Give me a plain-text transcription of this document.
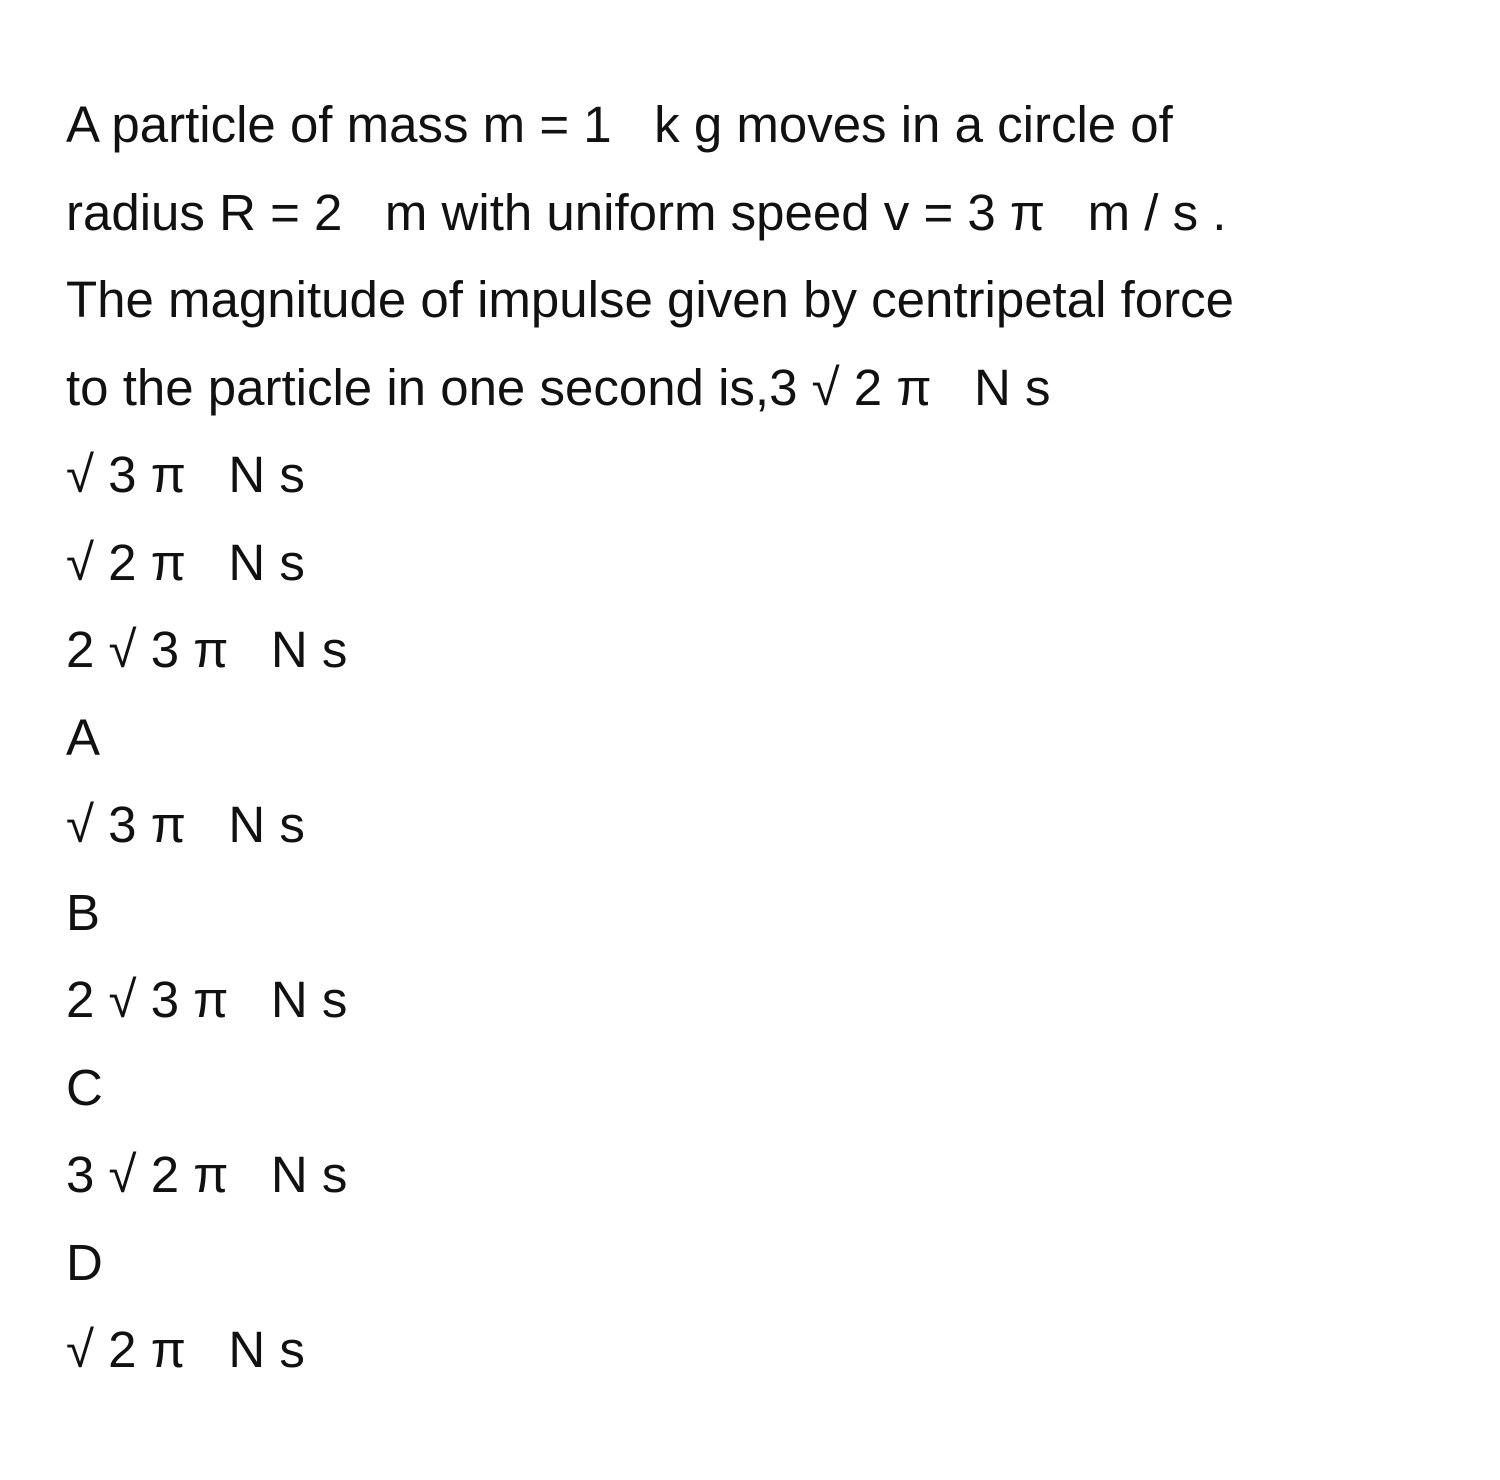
A particle of mass m = 1   k g moves in a circle of

radius R = 2   m with uniform speed v = 3 π   m / s .

The magnitude of impulse given by centripetal force

to the particle in one second is,3 √ 2 π   N s

√ 3 π   N s

√ 2 π   N s

2 √ 3 π   N s

A

√ 3 π   N s

B

2 √ 3 π   N s

C

3 √ 2 π   N s

D

√ 2 π   N s
